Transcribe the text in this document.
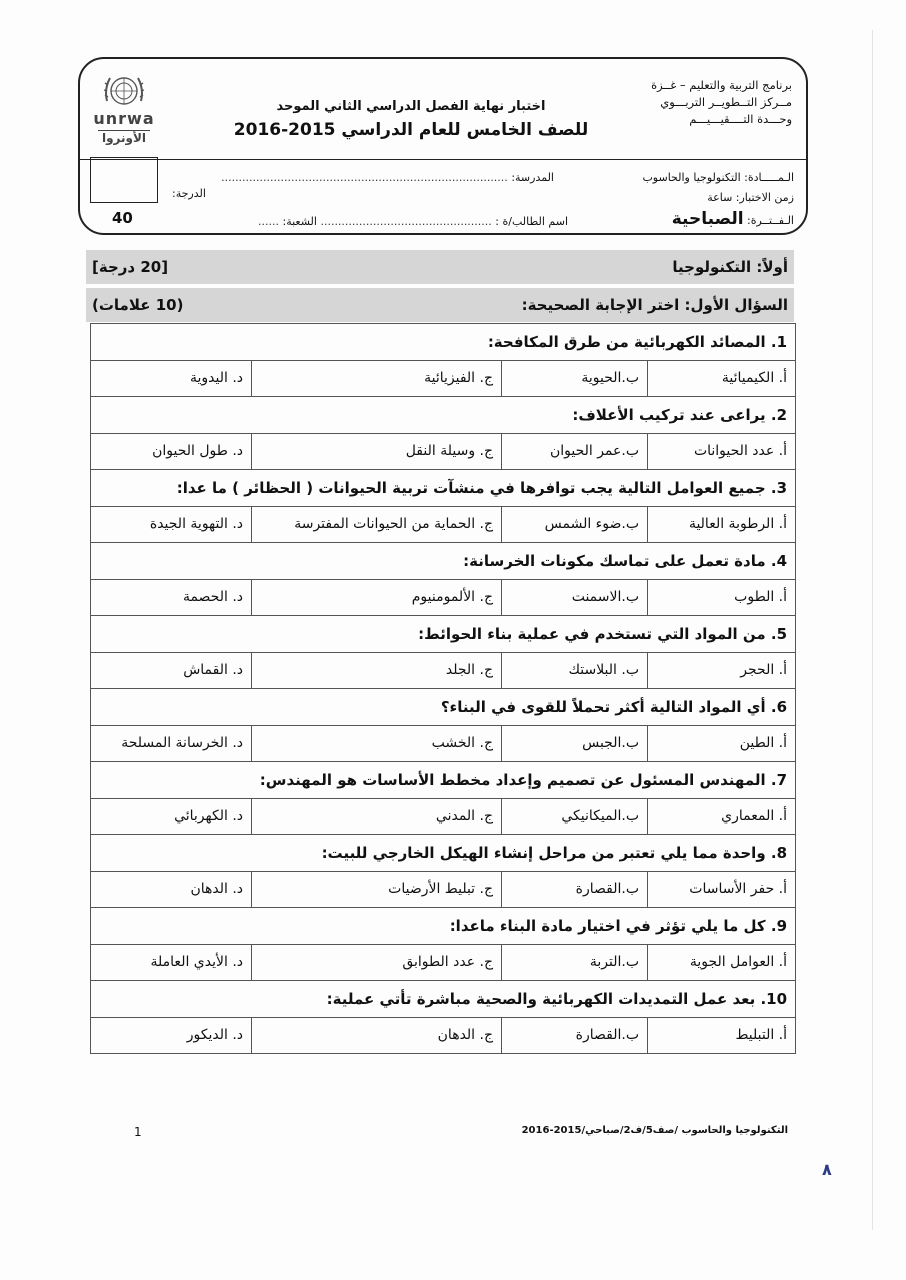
برنامج التربية والتعليم – غــزة
مــركز التــطويــر التربـــوي
وحـــدة التــــقيـــيـــم
اختبار نهاية الفصل الدراسي الثاني الموحد
للصف الخامس للعام الدراسي 2015-2016
unrwa
الأونروا
الـمـــــادة: التكنولوجيا والحاسوب
المدرسة: ..................................................................................
زمن الاختبار: ساعة
الـفــتــرة: الصباحية
اسم الطالب/ة : ................................................. الشعبة: ......
الدرجة:
40
أولاً: التكنولوجيا
[20 درجة]
السؤال الأول: اختر الإجابة الصحيحة:
(10 علامات)
1. المصائد الكهربائية من طرق المكافحة:			
أ. الكيميائية	ب.الحيوية	ج. الفيزيائية	د. اليدوية
2. يراعى عند تركيب الأعلاف:			
أ. عدد الحيوانات	ب.عمر الحيوان	ج. وسيلة النقل	د. طول الحيوان
3. جميع العوامل التالية يجب توافرها في منشآت تربية الحيوانات ( الحظائر ) ما عدا:			
أ. الرطوبة العالية	ب.ضوء الشمس	ج. الحماية من الحيوانات المفترسة	د. التهوية الجيدة
4. مادة تعمل على تماسك مكونات الخرسانة:			
أ. الطوب	ب.الاسمنت	ج. الألمومنيوم	د. الحصمة
5. من المواد التي تستخدم في عملية بناء الحوائط:			
أ. الحجر	ب. البلاستك	ج. الجلد	د. القماش
6. أي المواد التالية أكثر تحملاً للقوى في البناء؟			
أ. الطين	ب.الجبس	ج. الخشب	د. الخرسانة المسلحة
7. المهندس المسئول عن تصميم وإعداد مخطط الأساسات هو المهندس:			
أ. المعماري	ب.الميكانيكي	ج. المدني	د. الكهربائي
8. واحدة مما يلي تعتبر من مراحل إنشاء الهيكل الخارجي للبيت:			
أ. حفر الأساسات	ب.القصارة	ج. تبليط الأرضيات	د. الدهان
9. كل ما يلي تؤثر في اختيار مادة البناء ماعدا:			
أ. العوامل الجوية	ب.التربة	ج. عدد الطوابق	د. الأيدي العاملة
10. بعد عمل التمديدات الكهربائية والصحية مباشرة تأتي عملية:			
أ. التبليط	ب.القصارة	ج. الدهان	د. الديكور
1	التكنولوجيا والحاسوب /صف5/ف2/صباحي/2015-2016
٨
